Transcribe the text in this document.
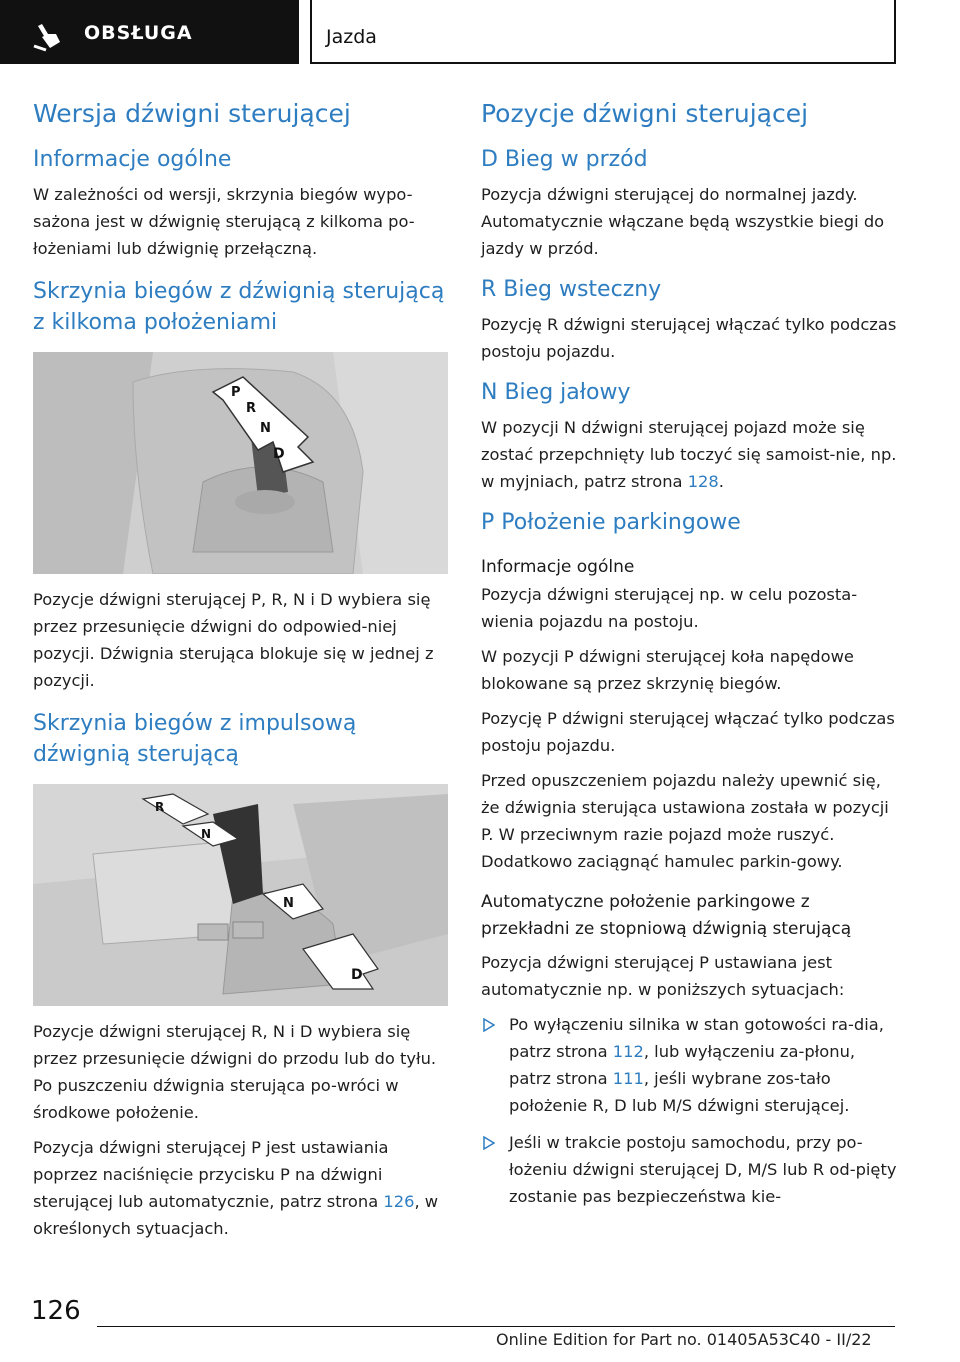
OBSŁUGA	Jazda
Wersja dźwigni sterującej
Informacje ogólne
W zależności od wersji, skrzynia biegów wypo-sażona jest w dźwignię sterującą z kilkoma po-łożeniami lub dźwignię przełączną.
Skrzynia biegów z dźwignią sterującą z kilkoma położeniami
P
R
N
D
Pozycje dźwigni sterującej P, R, N i D wybiera się przez przesunięcie dźwigni do odpowied-niej pozycji. Dźwignia sterująca blokuje się w jednej z pozycji.
Skrzynia biegów z impulsową dźwignią sterującą
R
N
N
D
Pozycje dźwigni sterującej R, N i D wybiera się przez przesunięcie dźwigni do przodu lub do tyłu. Po puszczeniu dźwignia sterująca po-wróci w środkowe położenie.
Pozycja dźwigni sterującej P jest ustawiania poprzez naciśnięcie przycisku P na dźwigni sterującej lub automatycznie, patrz strona 126, w określonych sytuacjach.
Pozycje dźwigni sterującej
D Bieg w przód
Pozycja dźwigni sterującej do normalnej jazdy. Automatycznie włączane będą wszystkie biegi do jazdy w przód.
R Bieg wsteczny
Pozycję R dźwigni sterującej włączać tylko podczas postoju pojazdu.
N Bieg jałowy
W pozycji N dźwigni sterującej pojazd może się zostać przepchnięty lub toczyć się samoist-nie, np. w myjniach, patrz strona 128.
P Położenie parkingowe
Informacje ogólne
Pozycja dźwigni sterującej np. w celu pozosta-wienia pojazdu na postoju.
W pozycji P dźwigni sterującej koła napędowe blokowane są przez skrzynię biegów.
Pozycję P dźwigni sterującej włączać tylko podczas postoju pojazdu.
Przed opuszczeniem pojazdu należy upewnić się, że dźwignia sterująca ustawiona została w pozycji P. W przeciwnym razie pojazd może ruszyć. Dodatkowo zaciągnąć hamulec parkin-gowy.
Automatyczne położenie parkingowe z przekładni ze stopniową dźwignią sterującą
Pozycja dźwigni sterującej P ustawiana jest automatycznie np. w poniższych sytuacjach:
Po wyłączeniu silnika w stan gotowości ra-dia, patrz strona 112, lub wyłączeniu za-płonu, patrz strona 111, jeśli wybrane zos-tało położenie R, D lub M/S dźwigni sterującej.
Jeśli w trakcie postoju samochodu, przy po-łożeniu dźwigni sterującej D, M/S lub R od-pięty zostanie pas bezpieczeństwa kie-
126
Online Edition for Part no. 01405A53C40 - II/22
